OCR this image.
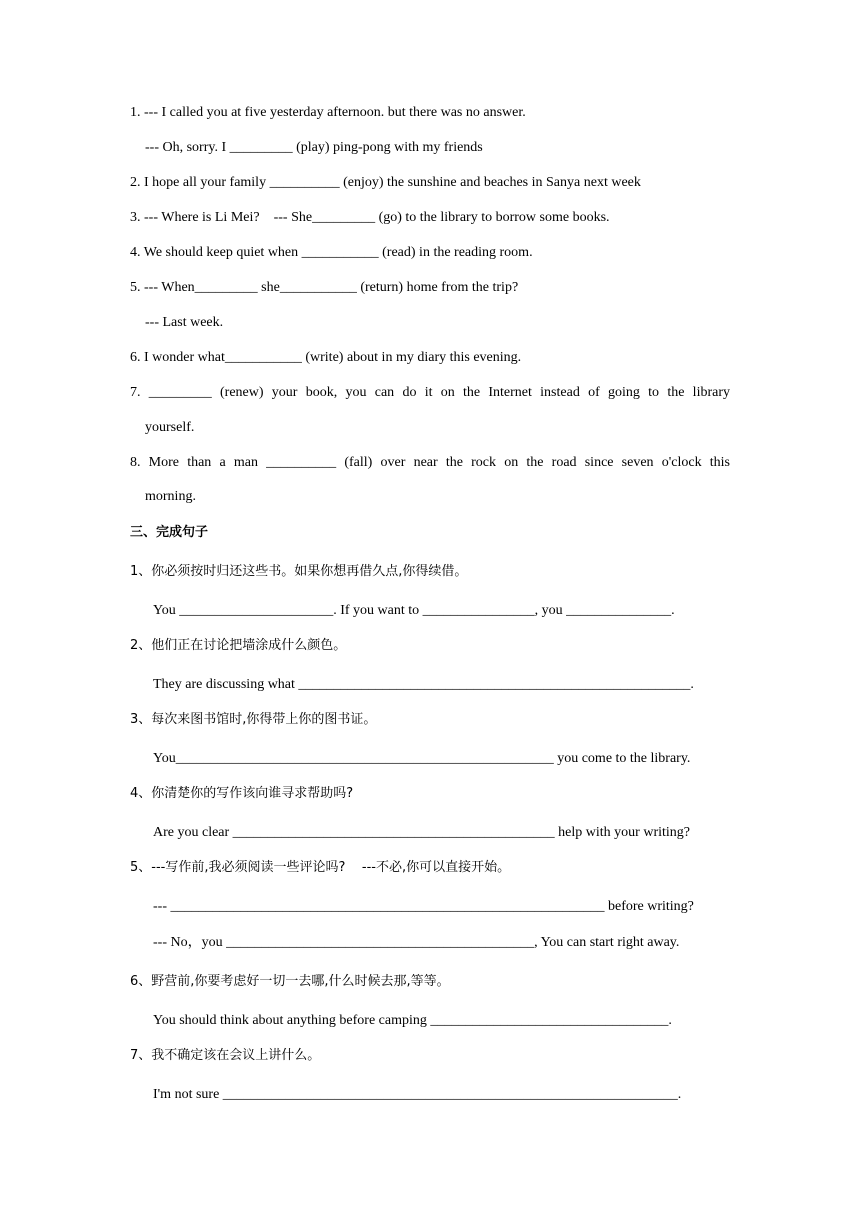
1. --- I called you at five yesterday afternoon. but there was no answer.
--- Oh, sorry. I _________ (play) ping-pong with my friends
2. I hope all your family __________ (enjoy) the sunshine and beaches in Sanya next week
3. --- Where is Li Mei?    --- She_________ (go) to the library to borrow some books.
4. We should keep quiet when ___________ (read) in the reading room.
5. --- When_________ she___________ (return) home from the trip?
--- Last week.
6. I wonder what___________ (write) about in my diary this evening.
7. _________ (renew) your book, you can do it on the Internet instead of going to the library
yourself.
8. More than a man __________ (fall) over near the rock on the road since seven o'clock this
morning.
三、完成句子
1、你必须按时归还这些书。如果你想再借久点,你得续借。
You ______________________. If you want to ________________, you _______________.
2、他们正在讨论把墙涂成什么颜色。
They are discussing what ________________________________________________________.
3、每次来图书馆时,你得带上你的图书证。
You______________________________________________________ you come to the library.
4、你清楚你的写作该向谁寻求帮助吗?
Are you clear ______________________________________________ help with your writing?
5、---写作前,我必须阅读一些评论吗?    ---不必,你可以直接开始。
--- ______________________________________________________________ before writing?
--- No，you ____________________________________________, You can start right away.
6、野营前,你要考虑好一切一去哪,什么时候去那,等等。
You should think about anything before camping __________________________________.
7、我不确定该在会议上讲什么。
I'm not sure _________________________________________________________________.
